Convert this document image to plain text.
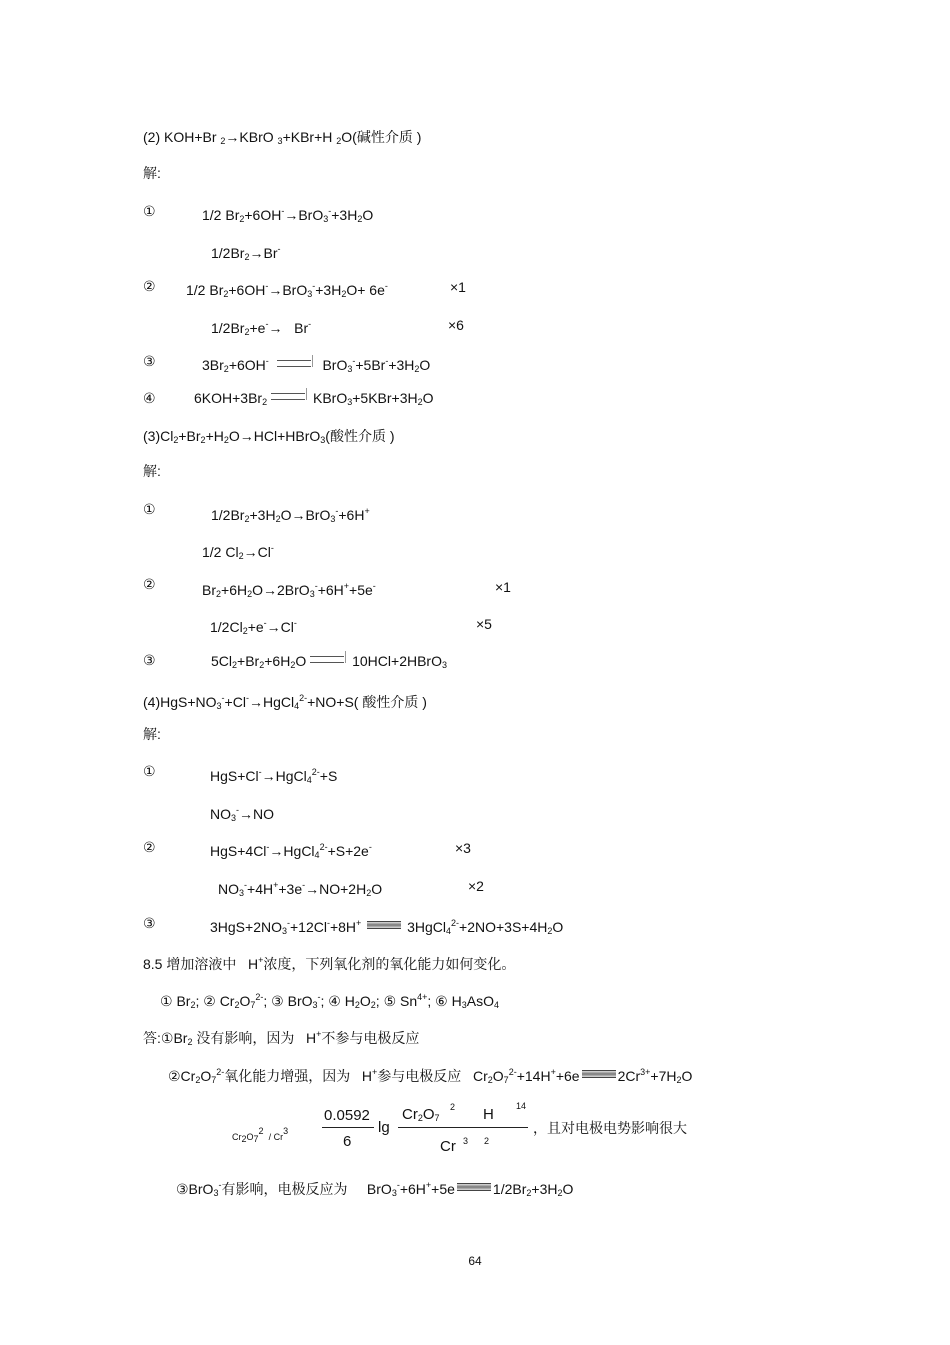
(2) KOH+Br $_2$→KBrO $_3$+KBr+H $_2$O(碱性介质 )
解:
①	1/2 $Br_2+6OH^-\to BrO_3^-+3H_2O$
$1/2Br_2\to Br^-$
② 1/2 $Br_2+6OH^-\to BrO_3^-+3H_2O+ 6e^-$	×1
$1/2Br_2+e^-\to Br^-$	×6
③	$3Br_2+6OH^-$	$BrO_3^-+5Br^-+3H_2O$
④	$6KOH+3Br_2$	$KBrO_3+5KBr+3H_2O$
$(3)Cl_2+Br_2+H_2O\to HCl+HBrO_3$(酸性介质 )
解:
①	$1/2Br_2+3H_2O\to BrO_3^-+6H^+$
1/2 $Cl_2\to Cl^-$
②	$Br_2+6H_2O\to 2BrO_3^-+6H^++5e^-$	×1
$1/2Cl_2+e^-\to Cl^-$	×5
③	$5Cl_2+Br_2+6H_2O$	10HCl+2HBrO$_3$
$(4)HgS+NO_3^-+Cl^-\to HgCl_4^{2-}+NO+S$( 酸性介质 )
解:
①	HgS+Cl-→HgCl$_4^{2-}$+S
$NO_3^-\to NO$
②	HgS+4Cl-→HgCl$_4^{2-}$+S+2e-	×3
$NO_3^-+4H^++3e^-\to NO+2H_2O$	×2
③	$3HgS+2NO_3^-+12Cl^-+8H^+$	$3HgCl_4^{2-}+2NO+3S+4H_2O$
8.5 增加溶液中   H+浓度，下列氧化剂的氧化能力如何变化。
① $Br_2$; ② $Cr_2O_7^{2-}$; ③ BrO$_3$-; ④ $H_2O_2$; ⑤ $Sn^{4+}$; ⑥ $H_3AsO_4$
答$:①Br_2$ 没有影响，因为   H+不参与电极反应
$②Cr_2O_7^{2-}$氧化能力增强，因为   H+参与电极反应   $Cr_2O_7^{2-}+14H^++6e$	$2Cr^{3+}+7H_2O$
$Cr_2O_7^2 / Cr^3$
0.0592
6
lg
$Cr_2O_7$
2 H 14
Cr 3 2
，且对电极电势影响很大
③BrO$_3$-有影响，电极反应为     BrO$_3$-+6H++5e	$1/2Br_2+3H_2O$
64
